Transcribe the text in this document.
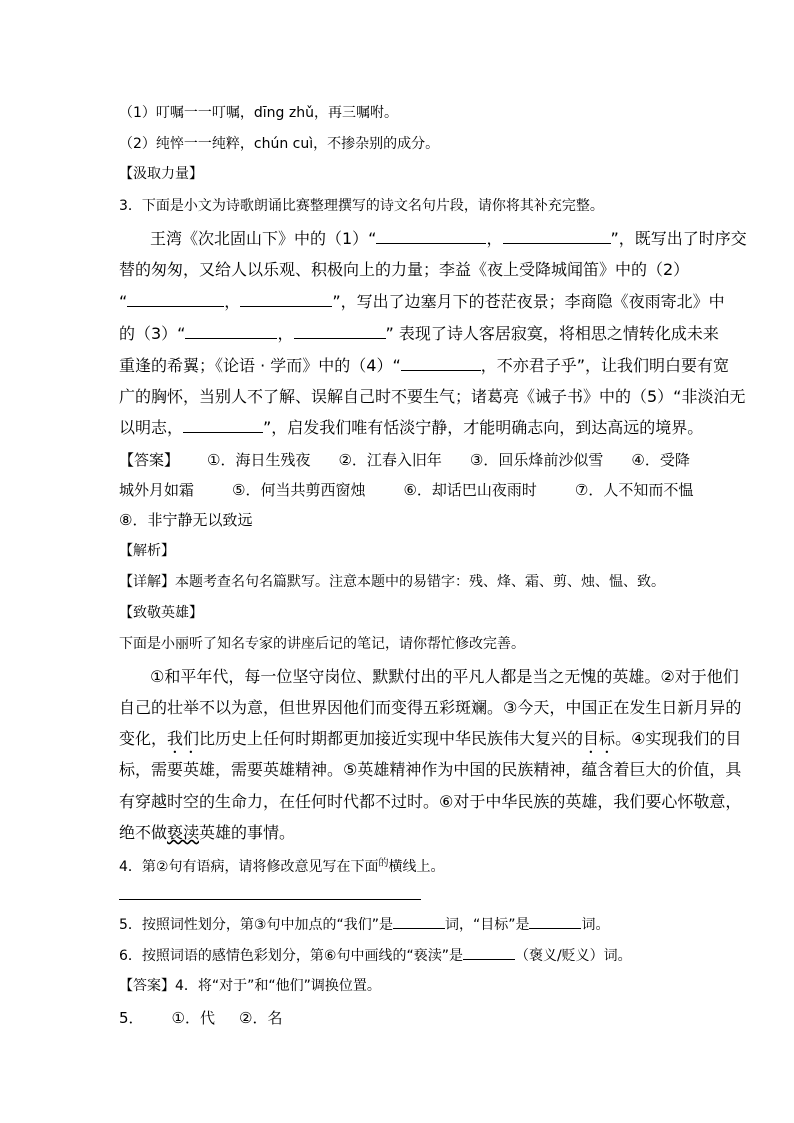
（1）叮嘱一一叮嘱，dīng zhǔ，再三嘱咐。
（2）纯悴一一纯粹，chún cuì，不掺杂别的成分。
【汲取力量】
3．下面是小文为诗歌朗诵比赛整理撰写的诗文名句片段，请你将其补充完整。
王湾《次北固山下》中的（1）“	，	”，既写出了时序交
替的匆匆，又给人以乐观、积极向上的力量；李益《夜上受降城闻笛》中的（2）
“	，	”，写出了边塞月下的苍茫夜景；李商隐《夜雨寄北》中
的（3）“	，	” 表现了诗人客居寂寞，将相思之情转化成未来
重逢的希翼；《论语 · 学而》中的（4）“	，不亦君子乎”，让我们明白要有宽
广的胸怀，当别人不了解、误解自己时不要生气；诸葛亮《诫子书》中的（5）“非淡泊无
以明志，	”，启发我们唯有恬淡宁静，才能明确志向，到达高远的境界。
【答案】 ①．海日生残夜 ②．江春入旧年 ③．回乐烽前沙似雪 ④．受降
城外月如霜	⑤．何当共剪西窗烛	⑥．却话巴山夜雨时	⑦．人不知而不愠
⑧．非宁静无以致远
【解析】
【详解】本题考查名句名篇默写。注意本题中的易错字：残、烽、霜、剪、烛、愠、致。
【致敬英雄】
下面是小丽听了知名专家的讲座后记的笔记，请你帮忙修改完善。
①和平年代，每一位坚守岗位、默默付出的平凡人都是当之无愧的英雄。②对于他们
自己的壮举不以为意，但世界因他们而变得五彩斑斓。③今天，中国正在发生日新月异的
变化，我们比历史上任何时期都更加接近实现中华民族伟大复兴的目标。④实现我们的目
标，需要英雄，需要英雄精神。⑤英雄精神作为中国的民族精神，蕴含着巨大的价值，具
有穿越时空的生命力，在任何时代都不过时。⑥对于中华民族的英雄，我们要心怀敬意，
绝不做亵渎英雄的事情。
4．第②句有语病，请将修改意见写在下面$^的$横线上。
5．按照词性划分，第③句中加点的“我们”是	词，“目标”是	词。
6．按照词语的感情色彩划分，第⑥句中画线的“亵渎”是	（褒义/贬义）词。
【答案】4．将“对于”和“他们”调换位置。
5． ①．代 ②．名
